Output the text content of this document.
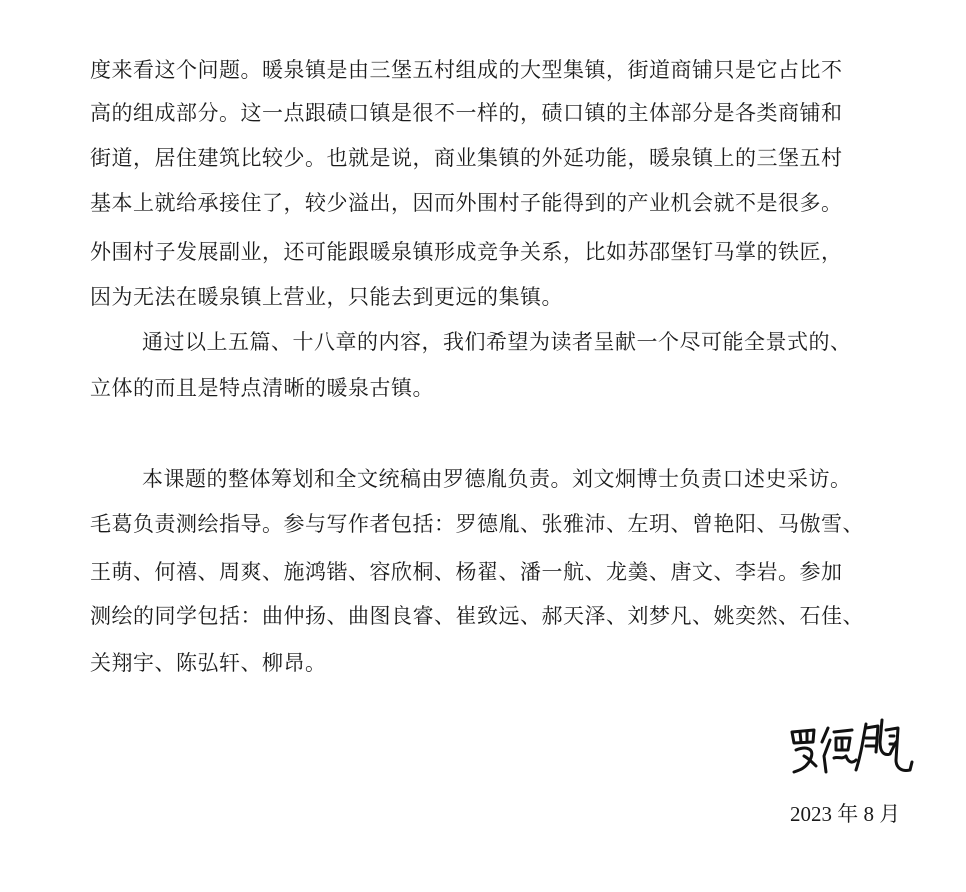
度来看这个问题。暖泉镇是由三堡五村组成的大型集镇，街道商铺只是它占比不
高的组成部分。这一点跟碛口镇是很不一样的，碛口镇的主体部分是各类商铺和
街道，居住建筑比较少。也就是说，商业集镇的外延功能，暖泉镇上的三堡五村
基本上就给承接住了，较少溢出，因而外围村子能得到的产业机会就不是很多。
外围村子发展副业，还可能跟暖泉镇形成竞争关系，比如苏邵堡钉马掌的铁匠，
因为无法在暖泉镇上营业，只能去到更远的集镇。
通过以上五篇、十八章的内容，我们希望为读者呈献一个尽可能全景式的、
立体的而且是特点清晰的暖泉古镇。
本课题的整体筹划和全文统稿由罗德胤负责。刘文炯博士负责口述史采访。
毛葛负责测绘指导。参与写作者包括：罗德胤、张雅沛、左玥、曾艳阳、马傲雪、
王萌、何禧、周爽、施鸿锴、容欣桐、杨翟、潘一航、龙羮、唐文、李岩。参加
测绘的同学包括：曲仲扬、曲图良睿、崔致远、郝天泽、刘梦凡、姚奕然、石佳、
关翔宇、陈弘轩、柳昂。
2023 年 8 月
